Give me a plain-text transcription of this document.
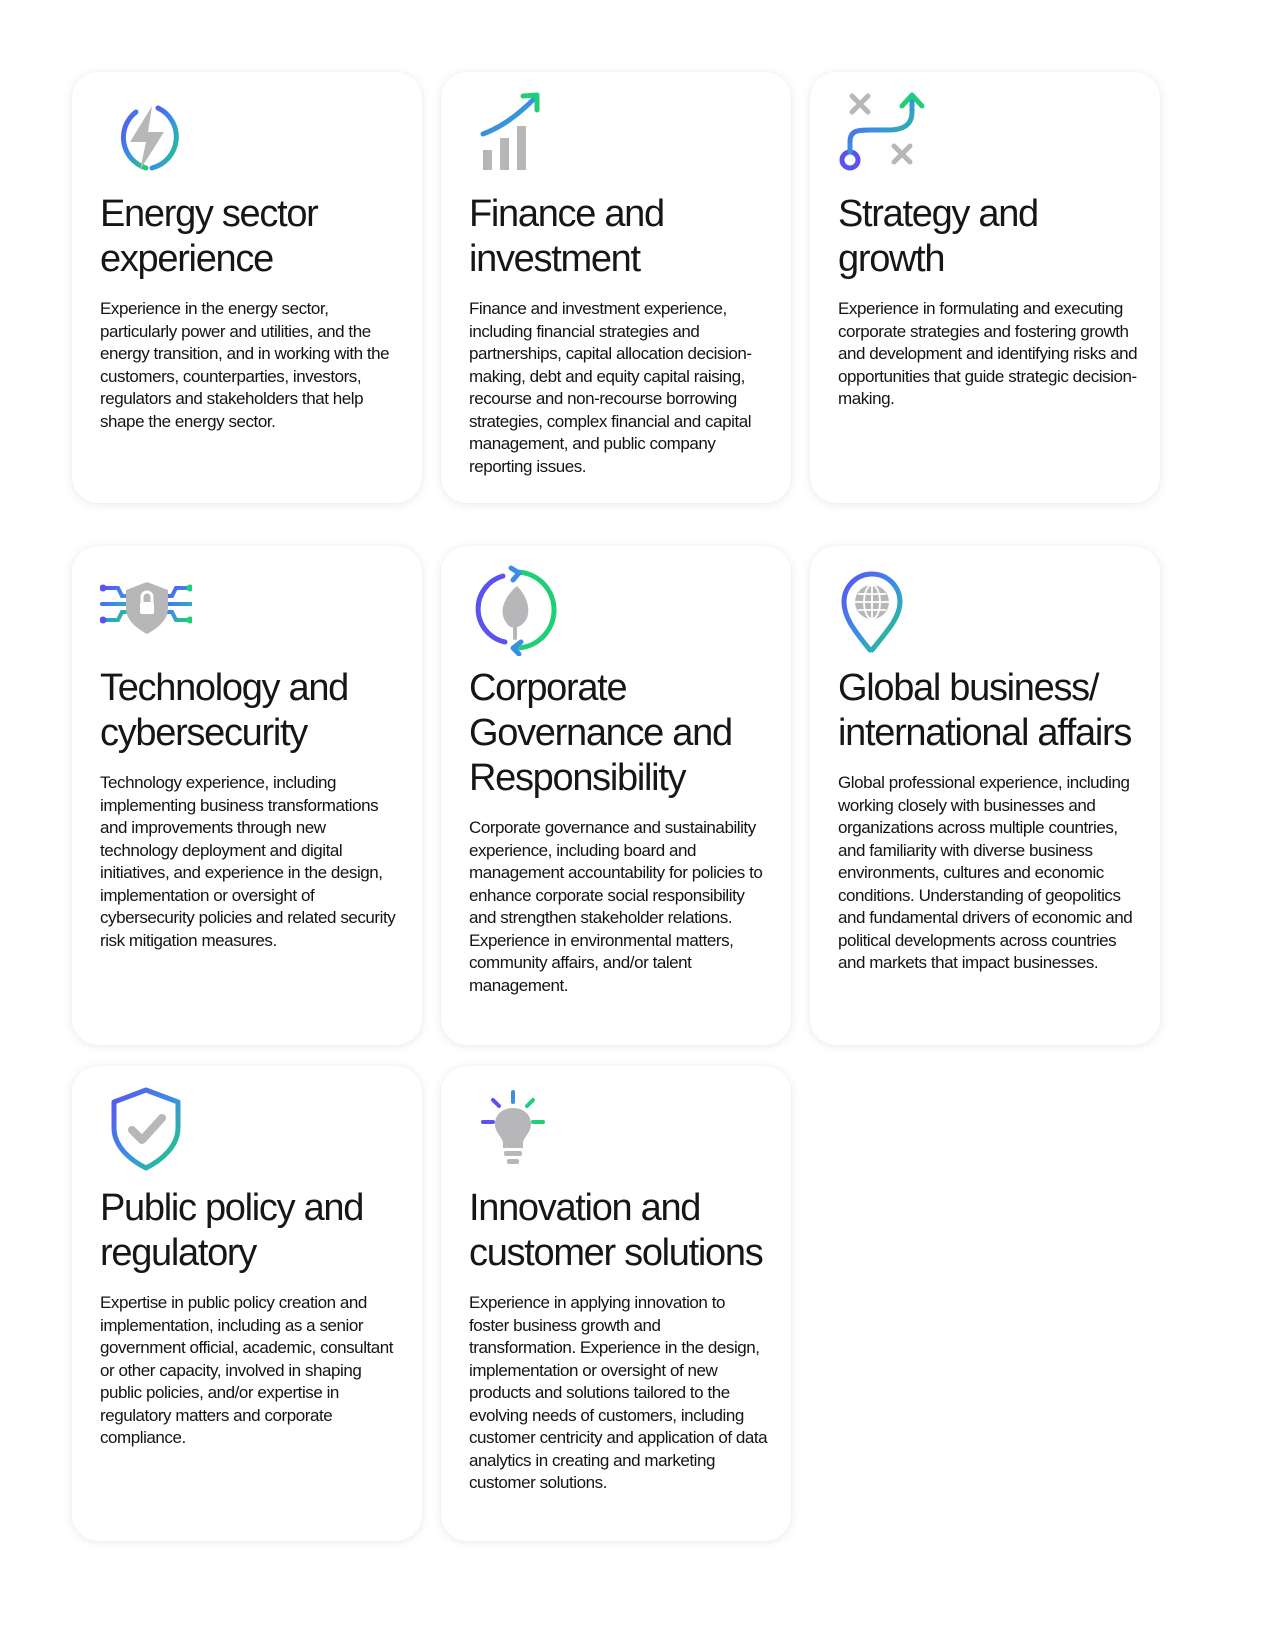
Energy sector
experience

Experience in the energy sector, particularly power and utilities, and the energy transition, and in working with the customers, counterparties, investors, regulators and stakeholders that help shape the energy sector.

Finance and
investment

Finance and investment experience, including financial strategies and partnerships, capital allocation decision-making, debt and equity capital raising, recourse and non-recourse borrowing strategies, complex financial and capital management, and public company reporting issues.

Strategy and
growth

Experience in formulating and executing corporate strategies and fostering growth and development and identifying risks and opportunities that guide strategic decision-making.

Technology and
cybersecurity

Technology experience, including implementing business transformations and improvements through new technology deployment and digital initiatives, and experience in the design, implementation or oversight of cybersecurity policies and related security risk mitigation measures.

Corporate
Governance and
Responsibility

Corporate governance and sustainability experience, including board and management accountability for policies to enhance corporate social responsibility and strengthen stakeholder relations. Experience in environmental matters, community affairs, and/or talent management.

Global business/
international affairs

Global professional experience, including working closely with businesses and organizations across multiple countries, and familiarity with diverse business environments, cultures and economic conditions. Understanding of geopolitics and fundamental drivers of economic and political developments across countries and markets that impact businesses.

Public policy and
regulatory

Expertise in public policy creation and implementation, including as a senior government official, academic, consultant or other capacity, involved in shaping public policies, and/or expertise in regulatory matters and corporate compliance.

Innovation and
customer solutions

Experience in applying innovation to foster business growth and transformation. Experience in the design, implementation or oversight of new products and solutions tailored to the evolving needs of customers, including customer centricity and application of data analytics in creating and marketing customer solutions.
